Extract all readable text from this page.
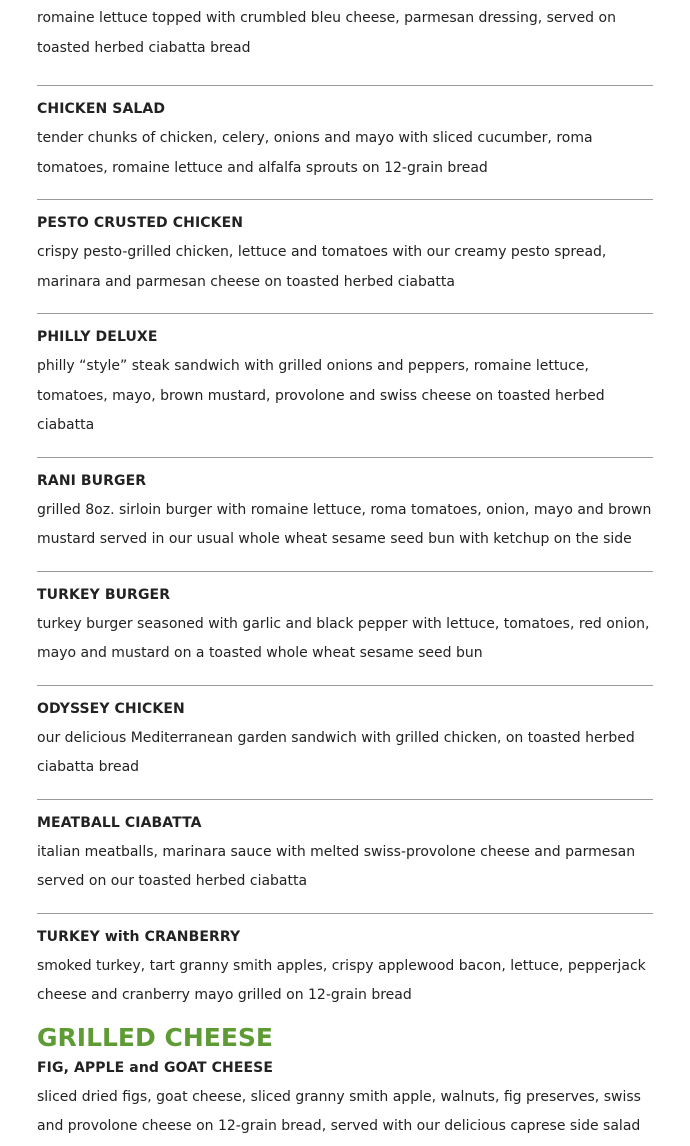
romaine lettuce topped with crumbled bleu cheese, parmesan dressing, served on toasted herbed ciabatta bread

CHICKEN SALAD

tender chunks of chicken, celery, onions and mayo with sliced cucumber, roma tomatoes, romaine lettuce and alfalfa sprouts on 12-grain bread

PESTO CRUSTED CHICKEN

crispy pesto-grilled chicken, lettuce and tomatoes with our creamy pesto spread, marinara and parmesan cheese on toasted herbed ciabatta

PHILLY DELUXE

philly “style” steak sandwich with grilled onions and peppers, romaine lettuce, tomatoes, mayo, brown mustard, provolone and swiss cheese on toasted herbed ciabatta

RANI BURGER

grilled 8oz. sirloin burger with romaine lettuce, roma tomatoes, onion, mayo and brown mustard served in our usual whole wheat sesame seed bun with ketchup on the side

TURKEY BURGER

turkey burger seasoned with garlic and black pepper with lettuce, tomatoes, red onion, mayo and mustard on a toasted whole wheat sesame seed bun

ODYSSEY CHICKEN

our delicious Mediterranean garden sandwich with grilled chicken, on toasted herbed ciabatta bread

MEATBALL CIABATTA

italian meatballs, marinara sauce with melted swiss-provolone cheese and parmesan served on our toasted herbed ciabatta

TURKEY with CRANBERRY

smoked turkey, tart granny smith apples, crispy applewood bacon, lettuce, pepperjack cheese and cranberry mayo grilled on 12-grain bread

GRILLED CHEESE

FIG, APPLE and GOAT CHEESE

sliced dried figs, goat cheese, sliced granny smith apple, walnuts, fig preserves, swiss and provolone cheese on 12-grain bread, served with our delicious caprese side salad
